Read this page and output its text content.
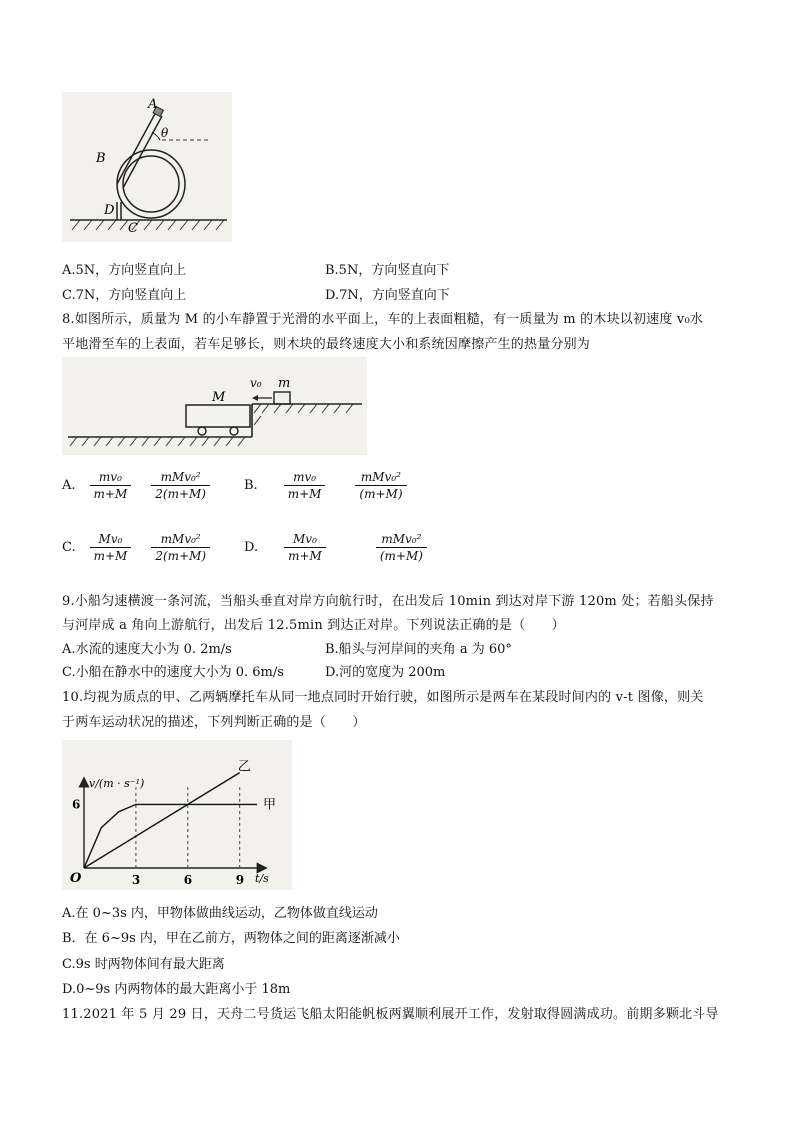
A
B
θ
D
C
A.5N，方向竖直向上	B.5N，方向竖直向下
C.7N，方向竖直向上	D.7N，方向竖直向下
8.如图所示，质量为 M 的小车静置于光滑的水平面上，车的上表面粗糙，有一质量为 m 的木块以初速度 v₀水
平地滑至车的上表面，若车足够长，则木块的最终速度大小和系统因摩擦产生的热量分别为
M
m
v₀
A. $\frac{\text{mv₀}}{m+M} \frac{\text{mMv₀²}}{2(m+M)}$	B. $\frac{\text{mv₀}}{m+M}$	$\frac{\text{mMv₀²}}{(m+M)}$
C. $\frac{\text{Mv₀}}{m+M} \frac{\text{mMv₀²}}{2(m+M)}$	D. $\frac{\text{Mv₀}}{m+M}$	$\frac{\text{mMv₀²}}{(m+M)}$
9.小船匀速横渡一条河流，当船头垂直对岸方向航行时，在出发后 10min 到达对岸下游 120m 处；若船头保持
与河岸成 a 角向上游航行，出发后 12.5min 到达正对岸。下列说法正确的是（　　）
A.水流的速度大小为 0. 2m/s	B.船头与河岸间的夹角 a 为 60°
C.小船在静水中的速度大小为 0. 6m/s	D.河的宽度为 200m
10.均视为质点的甲、乙两辆摩托车从同一地点同时开始行驶，如图所示是两车在某段时间内的 v-t 图像，则关
于两车运动状况的描述，下列判断正确的是（　　）
v/(m · s⁻¹)
t/s
O	3	6	9
6	甲
乙
A.在 0~3s 内，甲物体做曲线运动，乙物体做直线运动
B．在 6~9s 内，甲在乙前方，两物体之间的距离逐渐减小
C.9s 时两物体间有最大距离
D.0~9s 内两物体的最大距离小于 18m
11.2021 年 5 月 29 日，天舟二号货运飞船太阳能帆板两翼顺利展开工作，发射取得圆满成功。前期多颗北斗导
